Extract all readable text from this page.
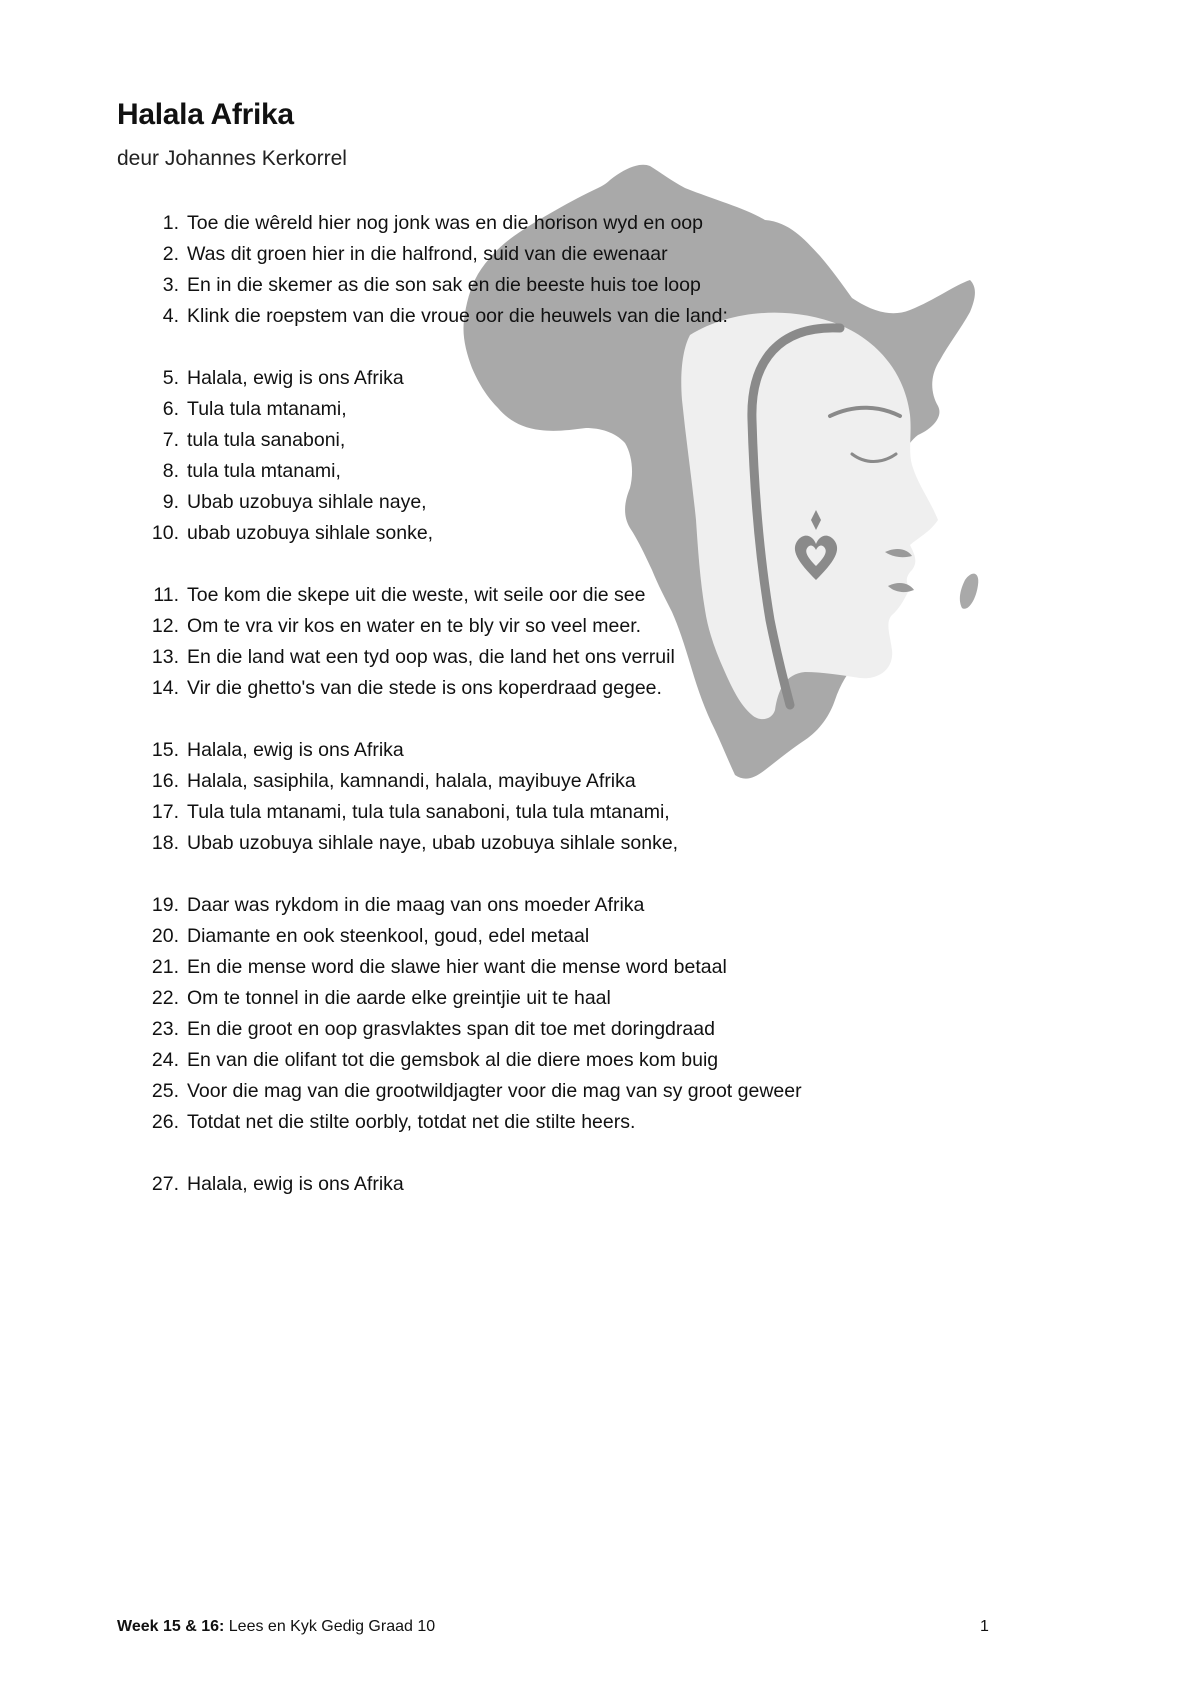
Halala Afrika

deur Johannes Kerkorrel

1. Toe die wêreld hier nog jonk was en die horison wyd en oop
2. Was dit groen hier in die halfrond, suid van die ewenaar
3. En in die skemer as die son sak en die beeste huis toe loop
4. Klink die roepstem van die vroue oor die heuwels van die land:
5. Halala, ewig is ons Afrika
6. Tula tula mtanami,
7. tula tula sanaboni,
8. tula tula mtanami,
9. Ubab uzobuya sihlale naye,
10. ubab uzobuya sihlale sonke,
11. Toe kom die skepe uit die weste, wit seile oor die see
12. Om te vra vir kos en water en te bly vir so veel meer.
13. En die land wat een tyd oop was, die land het ons verruil
14. Vir die ghetto's van die stede is ons koperdraad gegee.
15. Halala, ewig is ons Afrika
16. Halala, sasiphila, kamnandi, halala, mayibuye Afrika
17. Tula tula mtanami, tula tula sanaboni, tula tula mtanami,
18. Ubab uzobuya sihlale naye, ubab uzobuya sihlale sonke,
19. Daar was rykdom in die maag van ons moeder Afrika
20. Diamante en ook steenkool, goud, edel metaal
21. En die mense word die slawe hier want die mense word betaal
22. Om te tonnel in die aarde elke greintjie uit te haal
23. En die groot en oop grasvlaktes span dit toe met doringdraad
24. En van die olifant tot die gemsbok al die diere moes kom buig
25. Voor die mag van die grootwildjagter voor die mag van sy groot geweer
26. Totdat net die stilte oorbly, totdat net die stilte heers.
27. Halala, ewig is ons Afrika
Week 15 & 16: Lees en Kyk Gedig Graad 10	1
